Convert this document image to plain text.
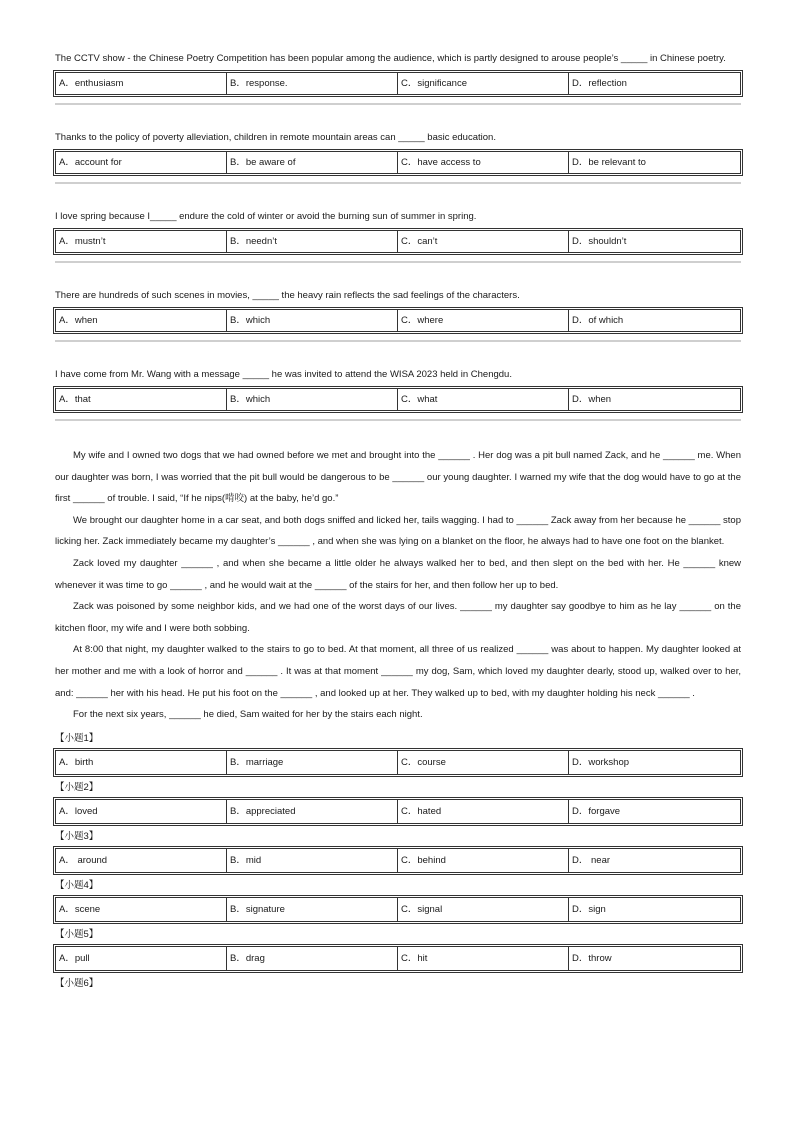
The CCTV show - the Chinese Poetry Competition has been popular among the audience, which is partly designed to arouse people’s _____ in Chinese poetry.

A．enthusiasm	B．response.	C．significance	D．reflection

Thanks to the policy of poverty alleviation, children in remote mountain areas can _____ basic education.

A．account for	B．be aware of	C．have access to	D．be relevant to

I love spring because I_____ endure the cold of winter or avoid the burning sun of summer in spring.

A．mustn’t	B．needn’t	C．can’t	D．shouldn’t

There are hundreds of such scenes in movies, _____ the heavy rain reflects the sad feelings of the characters.

A．when	B．which	C．where	D．of which

I have come from Mr. Wang with a message _____ he was invited to attend the WISA 2023 held in Chengdu.

A．that	B．which	C．what	D．when

My wife and I owned two dogs that we had owned before we met and brought into the ______ . Her dog was a pit bull named Zack, and he ______ me. When our daughter was born, I was worried that the pit bull would be dangerous to be ______ our young daughter. I warned my wife that the dog would have to go at the first ______ of trouble. I said, “If he nips(啃咬) at the baby, he’d go.”

We brought our daughter home in a car seat, and both dogs sniffed and licked her, tails wagging. I had to ______ Zack away from her because he ______ stop licking her. Zack immediately became my daughter’s ______ , and when she was lying on a blanket on the floor, he always had to have one foot on the blanket.

Zack loved my daughter ______ , and when she became a little older he always walked her to bed, and then slept on the bed with her. He ______ knew whenever it was time to go ______ , and he would wait at the ______ of the stairs for her, and then follow her up to bed.

Zack was poisoned by some neighbor kids, and we had one of the worst days of our lives. ______ my daughter say goodbye to him as he lay ______ on the kitchen floor, my wife and I were both sobbing.

At 8:00 that night, my daughter walked to the stairs to go to bed. At that moment, all three of us realized ______ was about to happen. My daughter looked at her mother and me with a look of horror and ______ . It was at that moment ______ my dog, Sam, which loved my daughter dearly, stood up, walked over to her, and: ______ her with his head. He put his foot on the ______ , and looked up at her. They walked up to bed, with my daughter holding his neck ______ .

For the next six years, ______ he died, Sam waited for her by the stairs each night.

【小题1】
A．birth	B．marriage	C．course	D．workshop
【小题2】
A．loved	B．appreciated	C．hated	D．forgave
【小题3】
A． around	B．mid	C．behind	D． near
【小题4】
A．scene	B．signature	C．signal	D．sign
【小题5】
A．pull	B．drag	C．hit	D．throw
【小题6】
